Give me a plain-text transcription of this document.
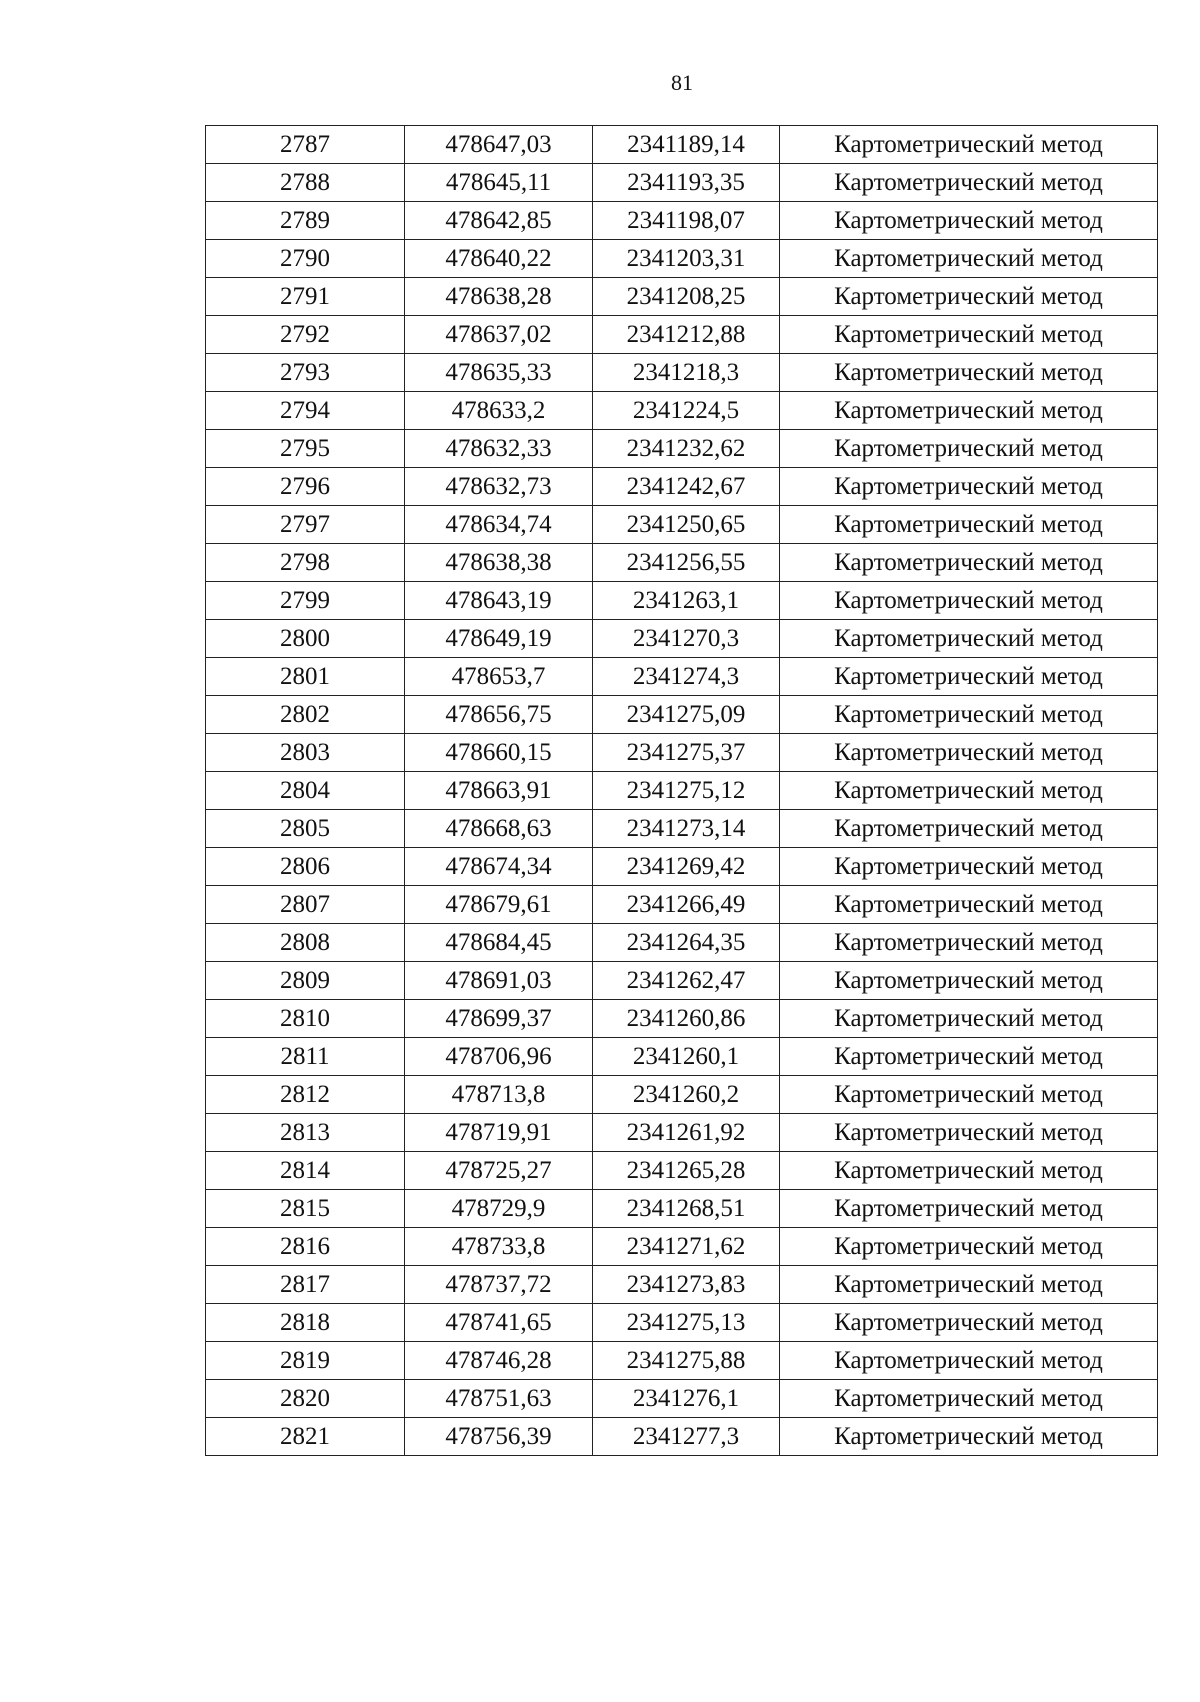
81
2787	478647,03	2341189,14	Картометрический метод
2788	478645,11	2341193,35	Картометрический метод
2789	478642,85	2341198,07	Картометрический метод
2790	478640,22	2341203,31	Картометрический метод
2791	478638,28	2341208,25	Картометрический метод
2792	478637,02	2341212,88	Картометрический метод
2793	478635,33	2341218,3	Картометрический метод
2794	478633,2	2341224,5	Картометрический метод
2795	478632,33	2341232,62	Картометрический метод
2796	478632,73	2341242,67	Картометрический метод
2797	478634,74	2341250,65	Картометрический метод
2798	478638,38	2341256,55	Картометрический метод
2799	478643,19	2341263,1	Картометрический метод
2800	478649,19	2341270,3	Картометрический метод
2801	478653,7	2341274,3	Картометрический метод
2802	478656,75	2341275,09	Картометрический метод
2803	478660,15	2341275,37	Картометрический метод
2804	478663,91	2341275,12	Картометрический метод
2805	478668,63	2341273,14	Картометрический метод
2806	478674,34	2341269,42	Картометрический метод
2807	478679,61	2341266,49	Картометрический метод
2808	478684,45	2341264,35	Картометрический метод
2809	478691,03	2341262,47	Картометрический метод
2810	478699,37	2341260,86	Картометрический метод
2811	478706,96	2341260,1	Картометрический метод
2812	478713,8	2341260,2	Картометрический метод
2813	478719,91	2341261,92	Картометрический метод
2814	478725,27	2341265,28	Картометрический метод
2815	478729,9	2341268,51	Картометрический метод
2816	478733,8	2341271,62	Картометрический метод
2817	478737,72	2341273,83	Картометрический метод
2818	478741,65	2341275,13	Картометрический метод
2819	478746,28	2341275,88	Картометрический метод
2820	478751,63	2341276,1	Картометрический метод
2821	478756,39	2341277,3	Картометрический метод
